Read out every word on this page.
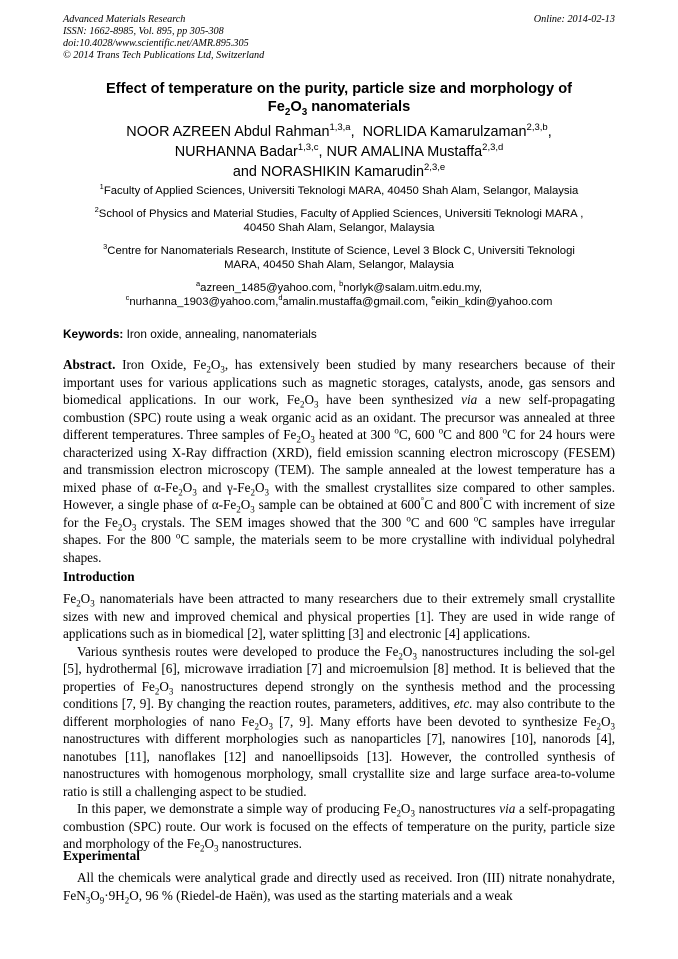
Advanced Materials Research
ISSN: 1662-8985, Vol. 895, pp 305-308
doi:10.4028/www.scientific.net/AMR.895.305
© 2014 Trans Tech Publications Ltd, Switzerland
Online: 2014-02-13
Effect of temperature on the purity, particle size and morphology of
$Fe_2O_3$ nanomaterials
NOOR AZREEN Abdul Rahman$^{1,3,a}$,  NORLIDA Kamarulzaman$^{2,3,b}$,
NURHANNA Badar$^{1,3,c}$, NUR AMALINA Mustaffa$^{2,3,d}$
and NORASHIKIN Kamarudin$^{2,3,e}$
$^1$Faculty of Applied Sciences, Universiti Teknologi MARA, 40450 Shah Alam, Selangor, Malaysia
$^2$School of Physics and Material Studies, Faculty of Applied Sciences, Universiti Teknologi MARA ,
40450 Shah Alam, Selangor, Malaysia
$^3$Centre for Nanomaterials Research, Institute of Science, Level 3 Block C, Universiti Teknologi
MARA, 40450 Shah Alam, Selangor, Malaysia
$^a$azreen_1485@yahoo.com, $^b$norlyk@salam.uitm.edu.my,
$^c$nurhanna_1903@yahoo.com,$^d$amalin.mustaffa@gmail.com, $^e$eikin_kdin@yahoo.com
Keywords: Iron oxide, annealing, nanomaterials
Abstract. Iron Oxide, $Fe_2O_3$, has extensively been studied by many researchers because of their important uses for various applications such as magnetic storages, catalysts, anode, gas sensors and biomedical applications. In our work, $Fe_2O_3$ have been synthesized via a new self-propagating combustion (SPC) route using a weak organic acid as an oxidant. The precursor was annealed at three different temperatures. Three samples of $Fe_2O_3$ heated at 300 $^o$C, 600 $^o$C and 800 $^o$C for 24 hours were characterized using X-Ray diffraction (XRD), field emission scanning electron microscopy (FESEM) and transmission electron microscopy (TEM). The sample annealed at the lowest temperature has a mixed phase of $\alpha-Fe_2O_3$ and $\gamma-Fe_2O_3$ with the smallest crystallites size compared to other samples. However, a single phase of $\alpha-Fe_2O_3$ sample can be obtained at 600°C and 800°C with increment of size for the $Fe_2O_3$ crystals. The SEM images showed that the 300 $^o$C and 600 $^o$C samples have irregular shapes. For the 800 $^o$C sample, the materials seem to be more crystalline with individual polyhedral shapes.
Introduction

$Fe_2O_3$ nanomaterials have been attracted to many researchers due to their extremely small crystallite sizes with new and improved chemical and physical properties [1]. They are used in wide range of applications such as in biomedical [2], water splitting [3] and electronic [4] applications.

Various synthesis routes were developed to produce the $Fe_2O_3$ nanostructures including the sol-gel [5], hydrothermal [6], microwave irradiation [7] and microemulsion [8] method. It is believed that the properties of $Fe_2O_3$ nanostructures depend strongly on the synthesis method and the processing conditions [7, 9]. By changing the reaction routes, parameters, additives, etc. may also contribute to the different morphologies of nano $Fe_2O_3$ [7, 9]. Many efforts have been devoted to synthesize $Fe_2O_3$ nanostructures with different morphologies such as nanoparticles [7], nanowires [10], nanorods [4], nanotubes [11], nanoflakes [12] and nanoellipsoids [13]. However, the controlled synthesis of nanostructures with homogenous morphology, small crystallite size and large surface area-to-volume ratio is still a challenging aspect to be studied.

In this paper, we demonstrate a simple way of producing $Fe_2O_3$ nanostructures via a self-propagating combustion (SPC) route. Our work is focused on the effects of temperature on the purity, particle size and morphology of the $Fe_2O_3$ nanostructures.

Experimental

All the chemicals were analytical grade and directly used as received. Iron (III) nitrate nonahydrate, $FeN_3O_9\cdot 9H_2O$, 96 % (Riedel-de Haën), was used as the starting materials and a weak
